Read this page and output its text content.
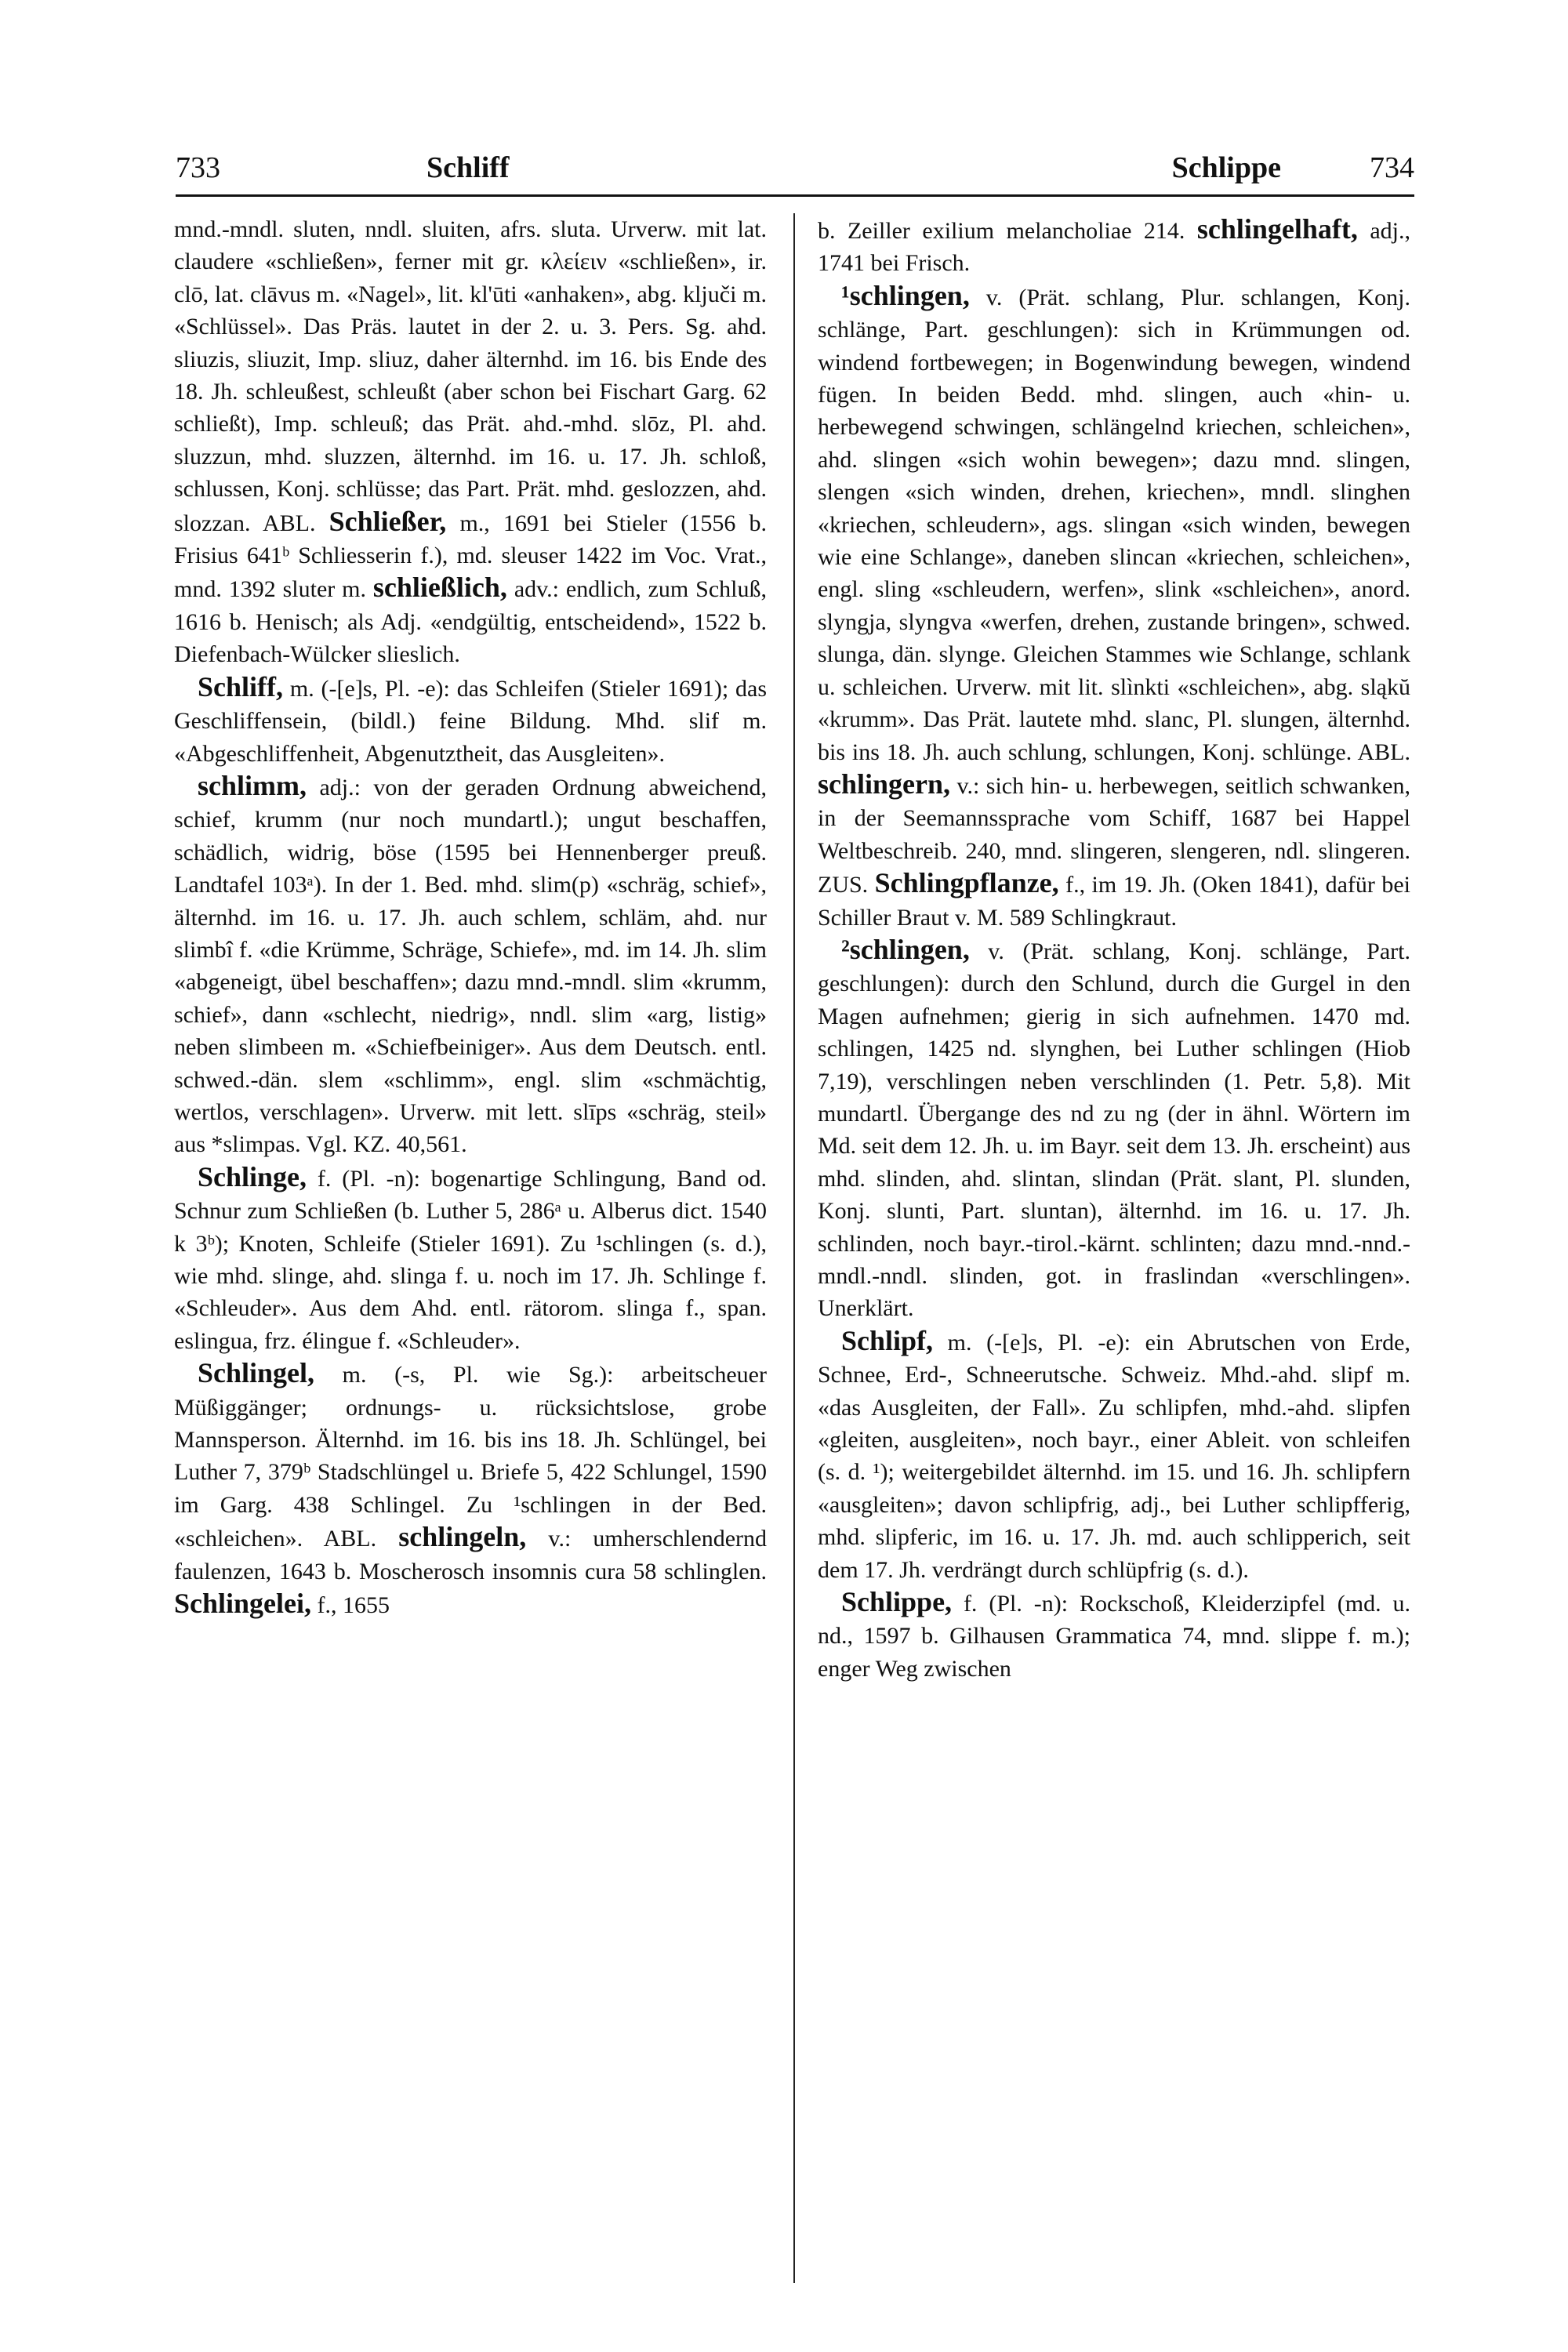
733	Schliff	Schlippe	734

mnd.-mndl. sluten, nndl. sluiten, afrs. sluta. Urverw. mit lat. claudere «schließen», ferner mit gr. κλείειν «schließen», ir. clō, lat. clāvus m. «Nagel», lit. kl'ūti «anhaken», abg. ključi m. «Schlüssel». Das Präs. lautet in der 2. u. 3. Pers. Sg. ahd. sliuzis, sliuzit, Imp. sliuz, daher älternhd. im 16. bis Ende des 18. Jh. schleußest, schleußt (aber schon bei Fischart Garg. 62 schließt), Imp. schleuß; das Prät. ahd.-mhd. slōz, Pl. ahd. sluzzun, mhd. sluzzen, älternhd. im 16. u. 17. Jh. schloß, schlussen, Konj. schlüsse; das Part. Prät. mhd. geslozzen, ahd. slozzan. ABL. Schließer, m., 1691 bei Stieler (1556 b. Frisius 641ᵇ Schliesserin f.), md. sleuser 1422 im Voc. Vrat., mnd. 1392 sluter m. schließlich, adv.: endlich, zum Schluß, 1616 b. Henisch; als Adj. «endgültig, entscheidend», 1522 b. Diefenbach-Wülcker slieslich.

Schliff, m. (-[e]s, Pl. -e): das Schleifen (Stieler 1691); das Geschliffensein, (bildl.) feine Bildung. Mhd. slif m. «Abgeschliffenheit, Abgenutztheit, das Ausgleiten».

schlimm, adj.: von der geraden Ordnung abweichend, schief, krumm (nur noch mundartl.); ungut beschaffen, schädlich, widrig, böse (1595 bei Hennenberger preuß. Landtafel 103ᵃ). In der 1. Bed. mhd. slim(p) «schräg, schief», älternhd. im 16. u. 17. Jh. auch schlem, schläm, ahd. nur slimbî f. «die Krümme, Schräge, Schiefe», md. im 14. Jh. slim «abgeneigt, übel beschaffen»; dazu mnd.-mndl. slim «krumm, schief», dann «schlecht, niedrig», nndl. slim «arg, listig» neben slimbeen m. «Schiefbeiniger». Aus dem Deutsch. entl. schwed.-dän. slem «schlimm», engl. slim «schmächtig, wertlos, verschlagen». Urverw. mit lett. slīps «schräg, steil» aus *slimpas. Vgl. KZ. 40,561.

Schlinge, f. (Pl. -n): bogenartige Schlingung, Band od. Schnur zum Schließen (b. Luther 5, 286ᵃ u. Alberus dict. 1540 k 3ᵇ); Knoten, Schleife (Stieler 1691). Zu ¹schlingen (s. d.), wie mhd. slinge, ahd. slinga f. u. noch im 17. Jh. Schlinge f. «Schleuder». Aus dem Ahd. entl. rätorom. slinga f., span. eslingua, frz. élingue f. «Schleuder».

Schlingel, m. (-s, Pl. wie Sg.): arbeitscheuer Müßiggänger; ordnungs- u. rücksichtslose, grobe Mannsperson. Älternhd. im 16. bis ins 18. Jh. Schlüngel, bei Luther 7, 379ᵇ Stadschlüngel u. Briefe 5, 422 Schlungel, 1590 im Garg. 438 Schlingel. Zu ¹schlingen in der Bed. «schleichen». ABL. schlingeln, v.: umherschlendernd faulenzen, 1643 b. Moscherosch insomnis cura 58 schlinglen. Schlingelei, f., 1655

b. Zeiller exilium melancholiae 214. schlingelhaft, adj., 1741 bei Frisch.

¹schlingen, v. (Prät. schlang, Plur. schlangen, Konj. schlänge, Part. geschlungen): sich in Krümmungen od. windend fortbewegen; in Bogenwindung bewegen, windend fügen. In beiden Bedd. mhd. slingen, auch «hin- u. herbewegend schwingen, schlängelnd kriechen, schleichen», ahd. slingen «sich wohin bewegen»; dazu mnd. slingen, slengen «sich winden, drehen, kriechen», mndl. slinghen «kriechen, schleudern», ags. slingan «sich winden, bewegen wie eine Schlange», daneben slincan «kriechen, schleichen», engl. sling «schleudern, werfen», slink «schleichen», anord. slyngja, slyngva «werfen, drehen, zustande bringen», schwed. slunga, dän. slynge. Gleichen Stammes wie Schlange, schlank u. schleichen. Urverw. mit lit. slìnkti «schleichen», abg. sląkŭ «krumm». Das Prät. lautete mhd. slanc, Pl. slungen, älternhd. bis ins 18. Jh. auch schlung, schlungen, Konj. schlünge. ABL. schlingern, v.: sich hin- u. herbewegen, seitlich schwanken, in der Seemannssprache vom Schiff, 1687 bei Happel Weltbeschreib. 240, mnd. slingeren, slengeren, ndl. slingeren. ZUS. Schlingpflanze, f., im 19. Jh. (Oken 1841), dafür bei Schiller Braut v. M. 589 Schlingkraut.

²schlingen, v. (Prät. schlang, Konj. schlänge, Part. geschlungen): durch den Schlund, durch die Gurgel in den Magen aufnehmen; gierig in sich aufnehmen. 1470 md. schlingen, 1425 nd. slynghen, bei Luther schlingen (Hiob 7,19), verschlingen neben verschlinden (1. Petr. 5,8). Mit mundartl. Übergange des nd zu ng (der in ähnl. Wörtern im Md. seit dem 12. Jh. u. im Bayr. seit dem 13. Jh. erscheint) aus mhd. slinden, ahd. slintan, slindan (Prät. slant, Pl. slunden, Konj. slunti, Part. sluntan), älternhd. im 16. u. 17. Jh. schlinden, noch bayr.-tirol.-kärnt. schlinten; dazu mnd.-nnd.-mndl.-nndl. slinden, got. in fraslindan «verschlingen». Unerklärt.

Schlipf, m. (-[e]s, Pl. -e): ein Abrutschen von Erde, Schnee, Erd-, Schneerutsche. Schweiz. Mhd.-ahd. slipf m. «das Ausgleiten, der Fall». Zu schlipfen, mhd.-ahd. slipfen «gleiten, ausgleiten», noch bayr., einer Ableit. von schleifen (s. d. ¹); weitergebildet älternhd. im 15. und 16. Jh. schlipfern «ausgleiten»; davon schlipfrig, adj., bei Luther schlipfferig, mhd. slipferic, im 16. u. 17. Jh. md. auch schlipperich, seit dem 17. Jh. verdrängt durch schlüpfrig (s. d.).

Schlippe, f. (Pl. -n): Rockschoß, Kleiderzipfel (md. u. nd., 1597 b. Gilhausen Grammatica 74, mnd. slippe f. m.); enger Weg zwischen
